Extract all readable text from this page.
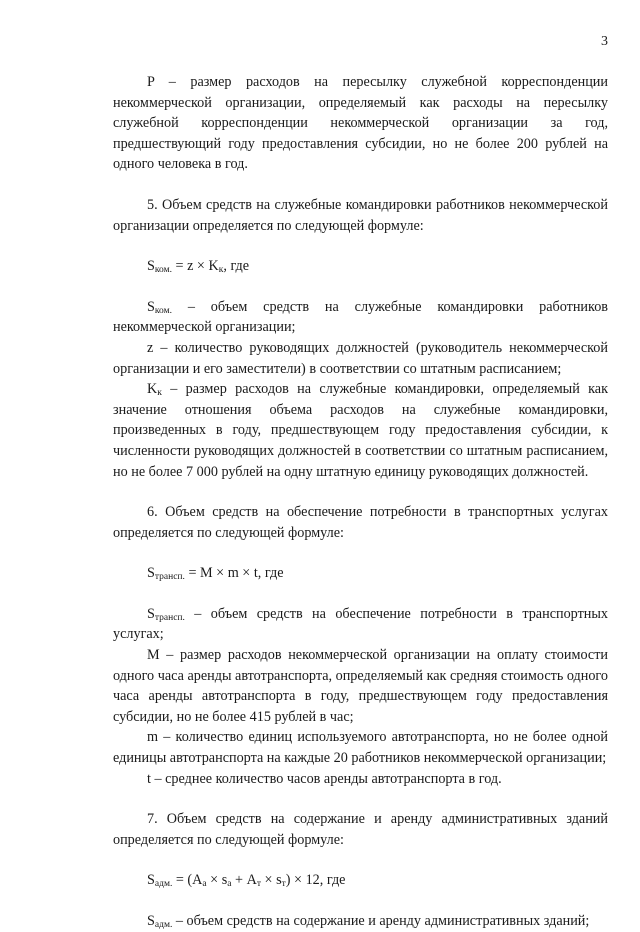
3

P – размер расходов на пересылку служебной корреспонденции некоммерческой организации, определяемый как расходы на пересылку служебной корреспонденции некоммерческой организации за год, предшествующий году предоставления субсидии, но не более 200 рублей на одного человека в год.

5. Объем средств на служебные командировки работников некоммерческой организации определяется по следующей формуле:

$S_{ком.} = z \times K_к$, где

$S_{ком.}$ – объем средств на служебные командировки работников некоммерческой организации;

z – количество руководящих должностей (руководитель некоммерческой организации и его заместители) в соответствии со штатным расписанием;

$K_к$ – размер расходов на служебные командировки, определяемый как значение отношения объема расходов на служебные командировки, произведенных в году, предшествующем году предоставления субсидии, к численности руководящих должностей в соответствии со штатным расписанием, но не более 7 000 рублей на одну штатную единицу руководящих должностей.

6. Объем средств на обеспечение потребности в транспортных услугах определяется по следующей формуле:

$S_{трансп.} = M \times m \times t$, где

$S_{трансп.}$ – объем средств на обеспечение потребности в транспортных услугах;

M – размер расходов некоммерческой организации на оплату стоимости одного часа аренды автотранспорта, определяемый как средняя стоимость одного часа аренды автотранспорта в году, предшествующем году предоставления субсидии, но не более 415 рублей в час;

m – количество единиц используемого автотранспорта, но не более одной единицы автотранспорта на каждые 20 работников некоммерческой организации;

t – среднее количество часов аренды автотранспорта в год.

7. Объем средств на содержание и аренду административных зданий определяется по следующей формуле:

$S_{адм.} = (A_а \times s_а + A_т \times s_т) \times 12$, где

$S_{адм.}$ – объем средств на содержание и аренду административных зданий;
